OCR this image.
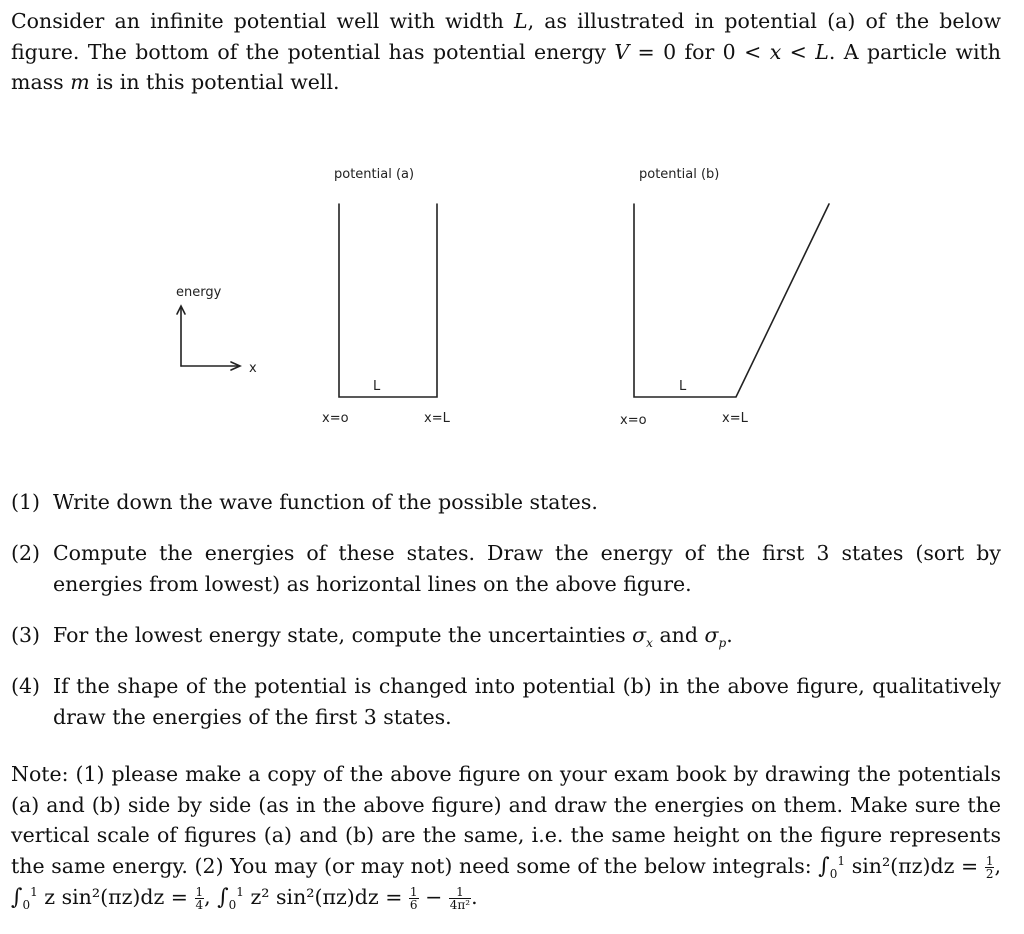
Consider an infinite potential well with width L, as illustrated in potential (a) of the below figure. The bottom of the potential has potential energy V = 0 for 0 < x < L. A particle with mass m is in this potential well.
energy
x
potential (a)
L
x=o	x=L
potential (b)
L
x=o	x=L
(1) Write down the wave function of the possible states.
(2) Compute the energies of these states. Draw the energy of the first 3 states (sort by energies from lowest) as horizontal lines on the above figure.
(3) For the lowest energy state, compute the uncertainties $\sigma_x$ and $\sigma_p$.
(4) If the shape of the potential is changed into potential (b) in the above figure, qualitatively draw the energies of the first 3 states.
Note: (1) please make a copy of the above figure on your exam book by drawing the potentials (a) and (b) side by side (as in the above figure) and draw the energies on them. Make sure the vertical scale of figures (a) and (b) are the same, i.e. the same height on the figure represents the same energy. (2) You may (or may not) need some of the below integrals: $\int_0^1$ $\sin^2(\pi z)dz = \frac{1}{2}$ , $\int_0^1$ z $\sin^2(\pi z)dz = \frac{1}{4}$ , $\int_0^1$ z² $\sin^2(\pi z)dz = \frac{1}{6} - \frac{1}{\text{4π²}}$ .
